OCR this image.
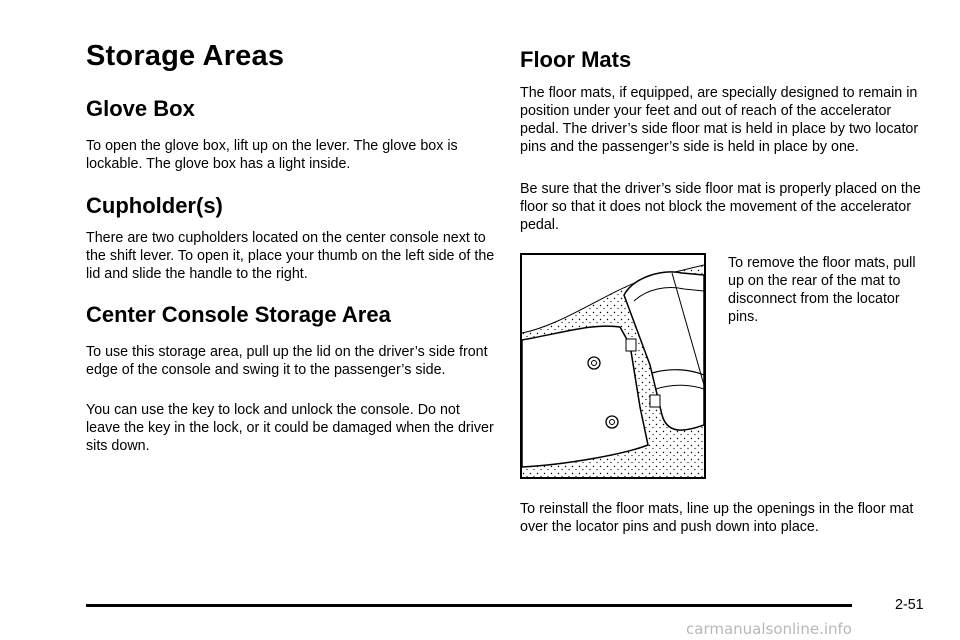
Storage Areas
Glove Box

To open the glove box, lift up on the lever. The glove box is lockable. The glove box has a light inside.

Cupholder(s)

There are two cupholders located on the center console next to the shift lever. To open it, place your thumb on the left side of the lid and slide the handle to the right.

Center Console Storage Area

To use this storage area, pull up the lid on the driver’s side front edge of the console and swing it to the passenger’s side.

You can use the key to lock and unlock the console. Do not leave the key in the lock, or it could be damaged when the driver sits down.

Floor Mats

The floor mats, if equipped, are specially designed to remain in position under your feet and out of reach of the accelerator pedal. The driver’s side floor mat is held in place by two locator pins and the passenger’s side is held in place by one.

Be sure that the driver’s side floor mat is properly placed on the floor so that it does not block the movement of the accelerator pedal.

To reinstall the floor mats, line up the openings in the floor mat over the locator pins and push down into place.

To remove the floor mats, pull up on the rear of the mat to disconnect from the locator pins.

2-51
carmanualsonline.info
